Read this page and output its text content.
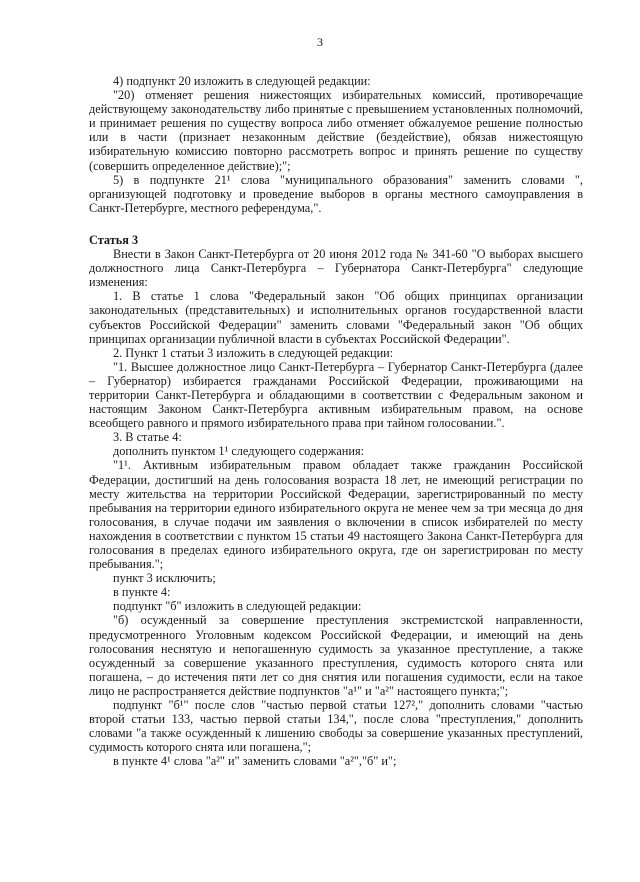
3

4) подпункт 20 изложить в следующей редакции:

"20) отменяет решения нижестоящих избирательных комиссий, противоречащие действующему законодательству либо принятые с превышением установленных полномочий, и принимает решения по существу вопроса либо отменяет обжалуемое решение полностью или в части (признает незаконным действие (бездействие), обязав нижестоящую избирательную комиссию повторно рассмотреть вопрос и принять решение по существу (совершить определенное действие);";

5) в подпункте 21¹ слова "муниципального образования" заменить словами ", организующей подготовку и проведение выборов в органы местного самоуправления в Санкт-Петербурге, местного референдума,".

Статья 3

Внести в Закон Санкт-Петербурга от 20 июня 2012 года № 341-60 "О выборах высшего должностного лица Санкт-Петербурга – Губернатора Санкт-Петербурга" следующие изменения:

1. В статье 1 слова "Федеральный закон "Об общих принципах организации законодательных (представительных) и исполнительных органов государственной власти субъектов Российской Федерации" заменить словами "Федеральный закон "Об общих принципах организации публичной власти в субъектах Российской Федерации".

2. Пункт 1 статьи 3 изложить в следующей редакции:

"1. Высшее должностное лицо Санкт-Петербурга – Губернатор Санкт-Петербурга (далее – Губернатор) избирается гражданами Российской Федерации, проживающими на территории Санкт-Петербурга и обладающими в соответствии с Федеральным законом и настоящим Законом Санкт-Петербурга активным избирательным правом, на основе всеобщего равного и прямого избирательного права при тайном голосовании.".

3. В статье 4:

дополнить пунктом 1¹ следующего содержания:

"1¹. Активным избирательным правом обладает также гражданин Российской Федерации, достигший на день голосования возраста 18 лет, не имеющий регистрации по месту жительства на территории Российской Федерации, зарегистрированный по месту пребывания на территории единого избирательного округа не менее чем за три месяца до дня голосования, в случае подачи им заявления о включении в список избирателей по месту нахождения в соответствии с пунктом 15 статьи 49 настоящего Закона Санкт-Петербурга для голосования в пределах единого избирательного округа, где он зарегистрирован по месту пребывания.";

пункт 3 исключить;

в пункте 4:

подпункт "б" изложить в следующей редакции:

"б) осужденный за совершение преступления экстремистской направленности, предусмотренного Уголовным кодексом Российской Федерации, и имеющий на день голосования неснятую и непогашенную судимость за указанное преступление, а также осужденный за совершение указанного преступления, судимость которого снята или погашена, – до истечения пяти лет со дня снятия или погашения судимости, если на такое лицо не распространяется действие подпунктов "а¹" и "а²" настоящего пункта;";

подпункт "б¹" после слов "частью первой статьи 127²," дополнить словами "частью второй статьи 133, частью первой статьи 134,", после слова "преступления," дополнить словами "а также осужденный к лишению свободы за совершение указанных преступлений, судимость которого снята или погашена,";

в пункте 4¹ слова "а²" и" заменить словами "а²","б" и";
